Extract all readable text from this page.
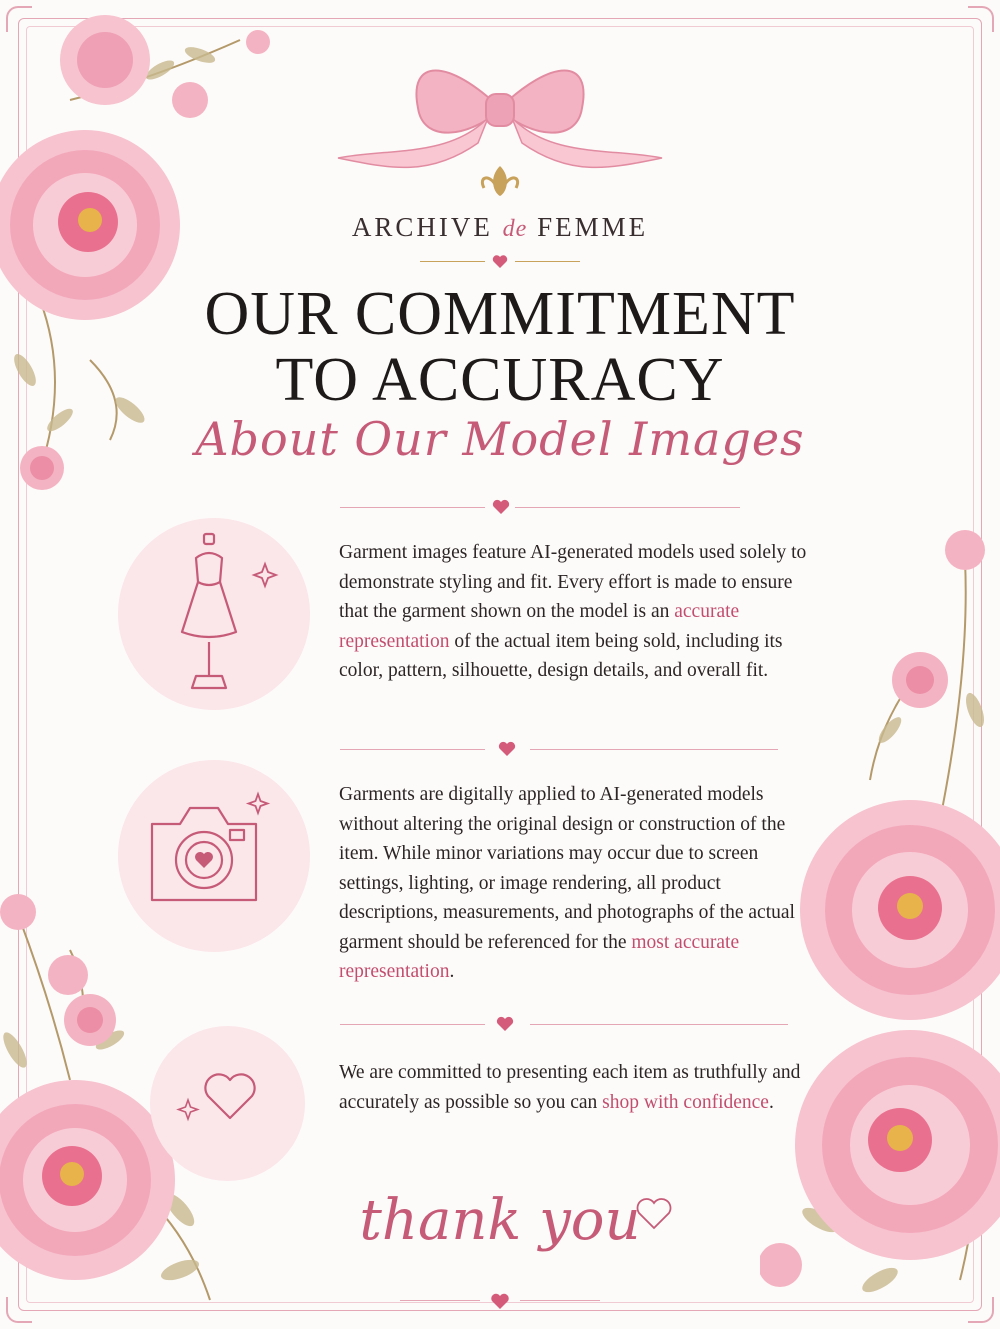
ARCHIVE de FEMME
OUR COMMITMENT
TO ACCURACY
About Our Model Images
Garment images feature AI-generated models used solely to demonstrate styling and fit. Every effort is made to ensure that the garment shown on the model is an accurate representation of the actual item being sold, including its color, pattern, silhouette, design details, and overall fit.
Garments are digitally applied to AI-generated models without altering the original design or construction of the item. While minor variations may occur due to screen settings, lighting, or image rendering, all product descriptions, measurements, and photographs of the actual garment should be referenced for the most accurate representation.
We are committed to presenting each item as truthfully and accurately as possible so you can shop with confidence.
thank you
